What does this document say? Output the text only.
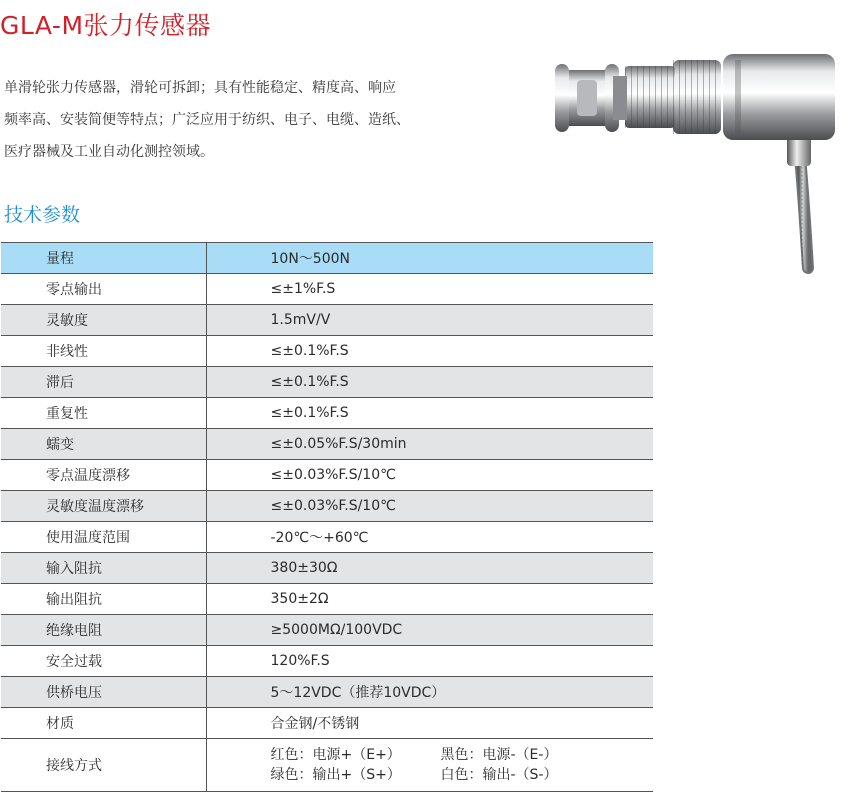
GLA-M张力传感器

单滑轮张力传感器，滑轮可拆卸；具有性能稳定、精度高、响应

频率高、安装简便等特点；广泛应用于纺织、电子、电缆、造纸、

医疗器械及工业自动化测控领域。

技术参数
量程	10N～500N
零点输出	≤±1%F.S
灵敏度	1.5mV/V
非线性	≤±0.1%F.S
滞后	≤±0.1%F.S
重复性	≤±0.1%F.S
蠕变	≤±0.05%F.S/30min
零点温度漂移	≤±0.03%F.S/10℃
灵敏度温度漂移	≤±0.03%F.S/10℃
使用温度范围	-20℃～+60℃
输入阻抗	380±30Ω
输出阻抗	350±2Ω
绝缘电阻	≥5000MΩ/100VDC
安全过载	120%F.S
供桥电压	5～12VDC（推荐10VDC）
材质	合金钢/不锈钢
接线方式	红色：电源+（E+） 黑色：电源-（E-）
绿色：输出+（S+） 白色：输出-（S-）
